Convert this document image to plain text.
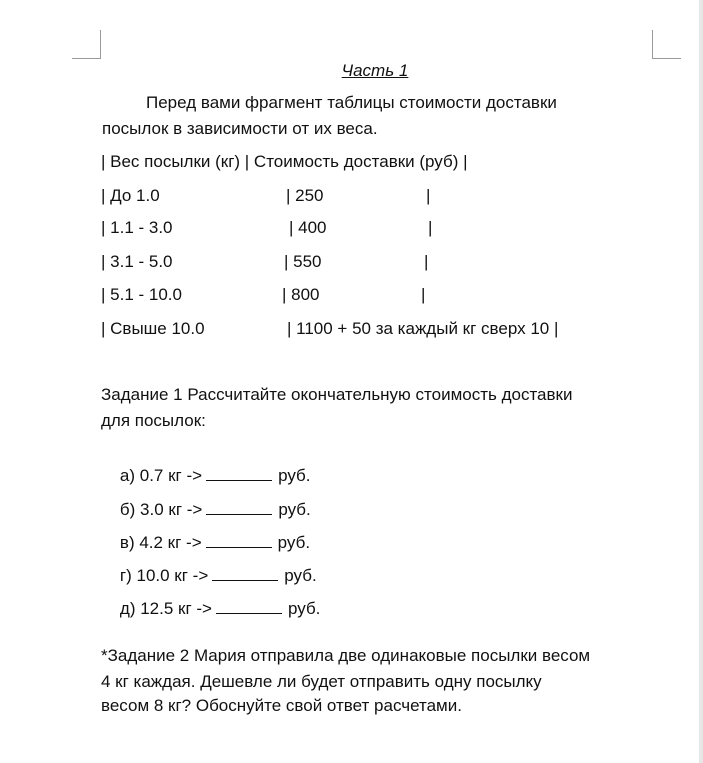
Часть 1
Перед вами фрагмент таблицы стоимости доставки
посылок в зависимости от их веса.
| Вес посылки (кг) | Стоимость доставки (руб) |
| До 1.0	| 250	|
| 1.1 - 3.0	| 400	|
| 3.1 - 5.0	| 550	|
| 5.1 - 10.0	| 800	|
| Свыше 10.0	| 1100 + 50 за каждый кг сверх 10 |
Задание 1 Рассчитайте окончательную стоимость доставки
для посылок:

а) 0.7 кг ->	руб.

б) 3.0 кг ->	руб.

в) 4.2 кг ->	руб.

г) 10.0 кг ->	руб.

д) 12.5 кг ->	руб.

*Задание 2 Мария отправила две одинаковые посылки весом
4 кг каждая. Дешевле ли будет отправить одну посылку
весом 8 кг? Обоснуйте свой ответ расчетами.
